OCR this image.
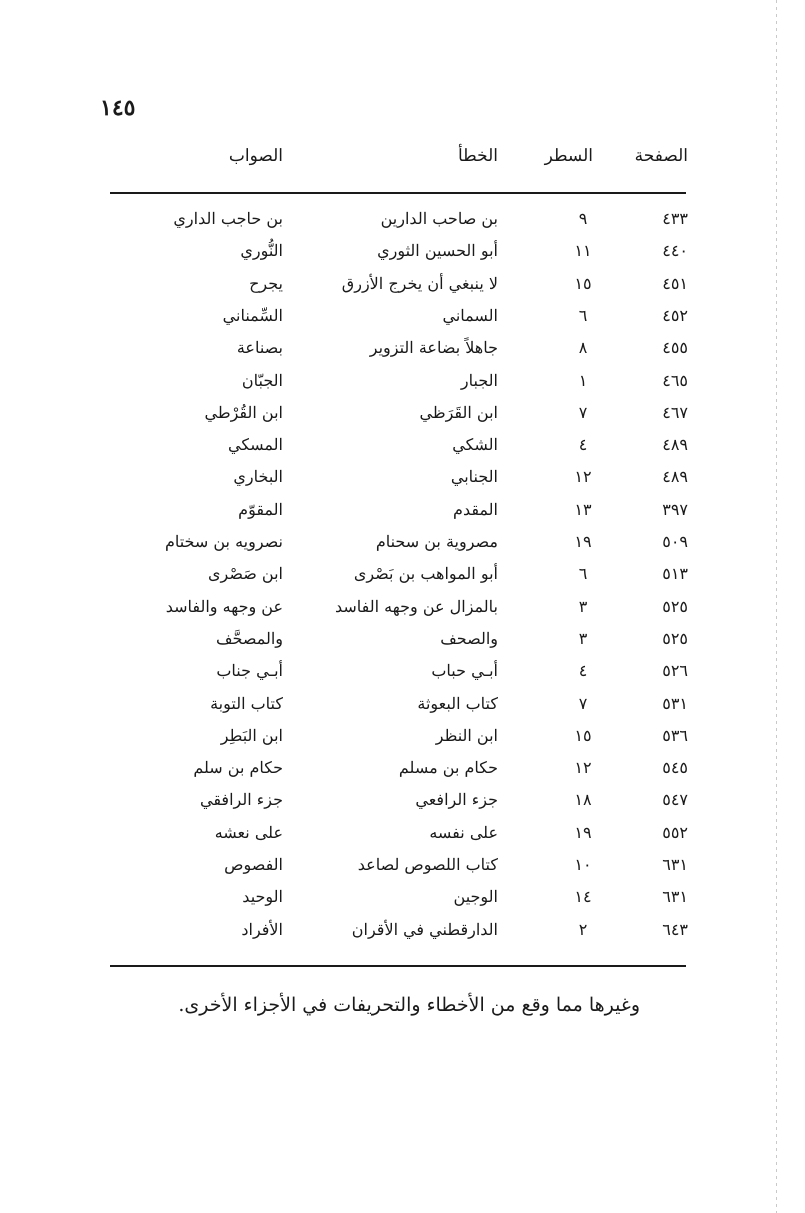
١٤٥
الصفحة
السطر
الخطأ
الصواب
٤٣٣
٩
بن صاحب الدارين
بن حاجب الداري
٤٤٠
١١
أبو الحسين الثوري
النُّوري
٤٥١
١٥
لا ينبغي أن يخرج الأزرق
يجرح
٤٥٢
٦
السماني
السِّمناني
٤٥٥
٨
جاهلاً بضاعة التزوير
بصناعة
٤٦٥
١
الجبار
الجبّان
٤٦٧
٧
ابن القَرَظي
ابن القُرْطي
٤٨٩
٤
الشكي
المسكي
٤٨٩
١٢
الجنابي
البخاري
٣٩٧
١٣
المقدم
المقوّم
٥٠٩
١٩
مصروية بن سحنام
نصرويه بن سختام
٥١٣
٦
أبو المواهب بن بَصْرى
ابن صَصْرى
٥٢٥
٣
بالمزال عن وجهه الفاسد
عن وجهه والفاسد
٥٢٥
٣
والصحف
والمصحَّف
٥٢٦
٤
أبـي حباب
أبـي جناب
٥٣١
٧
كتاب البعوثة
كتاب التوبة
٥٣٦
١٥
ابن النظر
ابن البَطِر
٥٤٥
١٢
حكام بن مسلم
حكام بن سلم
٥٤٧
١٨
جزء الرافعي
جزء الرافقي
٥٥٢
١٩
على نفسه
على نعشه
٦٣١
١٠
كتاب اللصوص لصاعد
الفصوص
٦٣١
١٤
الوجين
الوحيد
٦٤٣
٢
الدارقطني في الأقران
الأفراد
وغيرها مما وقع من الأخطاء والتحريفات في الأجزاء الأخرى.
